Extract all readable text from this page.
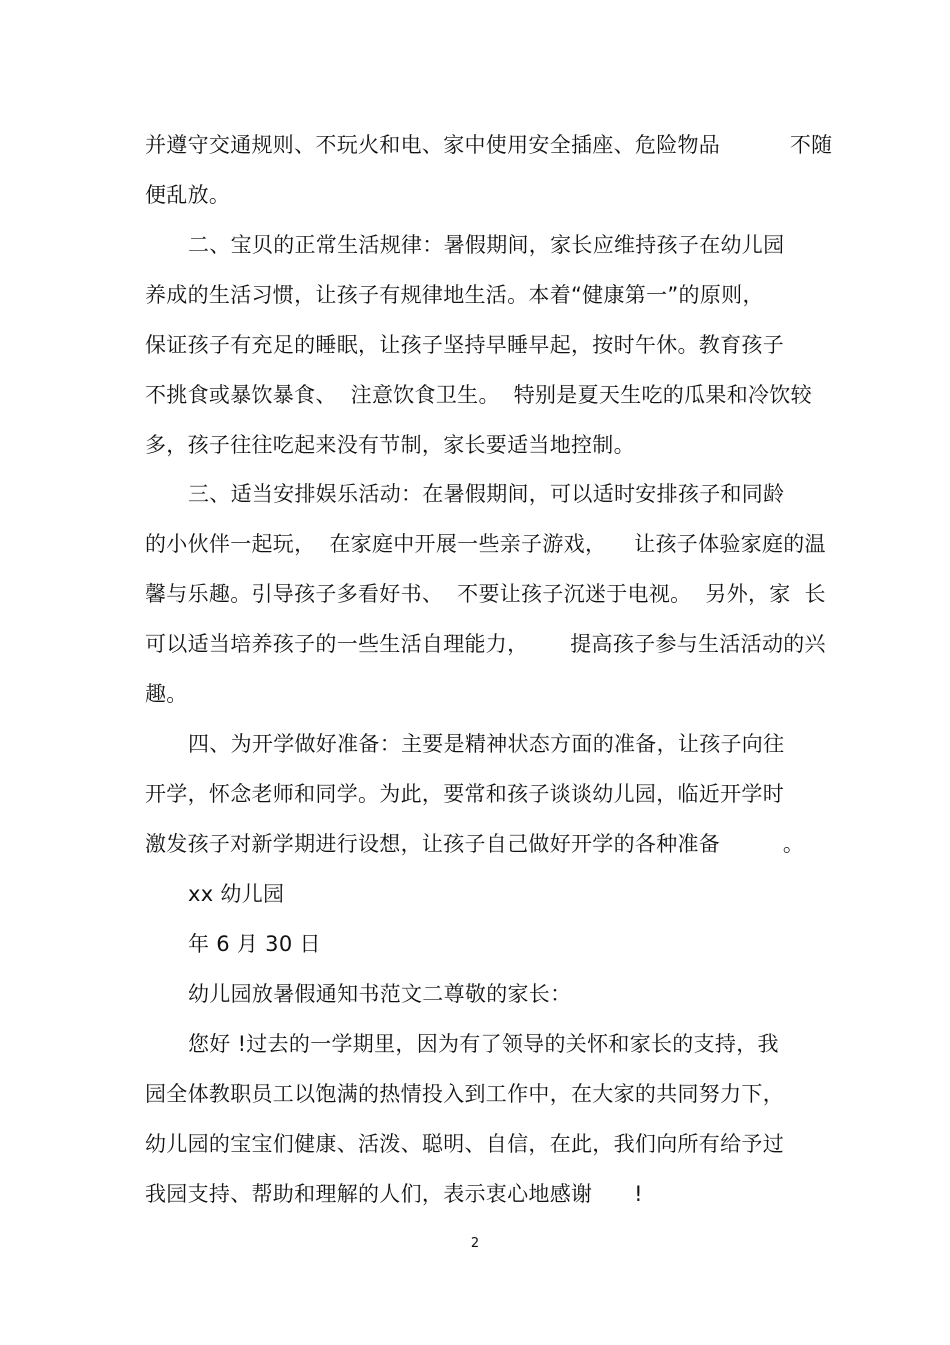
并遵守交通规则、不玩火和电、家中使用安全插座、危险物品          不随
便乱放。
二、宝贝的正常生活规律：暑假期间，家长应维持孩子在幼儿园
养成的生活习惯，让孩子有规律地生活。本着“健康第一”的原则，
保证孩子有充足的睡眠，让孩子坚持早睡早起，按时午休。教育孩子
不挑食或暴饮暴食、  注意饮食卫生。  特别是夏天生吃的瓜果和冷饮较
多，孩子往往吃起来没有节制，家长要适当地控制。
三、适当安排娱乐活动：在暑假期间，可以适时安排孩子和同龄
的小伙伴一起玩，  在家庭中开展一些亲子游戏，    让孩子体验家庭的温
馨与乐趣。引导孩子多看好书、  不要让孩子沉迷于电视。  另外，家  长
可以适当培养孩子的一些生活自理能力，      提高孩子参与生活活动的兴
趣。
四、为开学做好准备：主要是精神状态方面的准备，让孩子向往
开学，怀念老师和同学。为此，要常和孩子谈谈幼儿园，临近开学时
激发孩子对新学期进行设想，让孩子自己做好开学的各种准备         。
xx 幼儿园
年 6 月 30 日
幼儿园放暑假通知书范文二尊敬的家长：
您好 !过去的一学期里，因为有了领导的关怀和家长的支持，我
园全体教职员工以饱满的热情投入到工作中，在大家的共同努力下，
幼儿园的宝宝们健康、活泼、聪明、自信，在此，我们向所有给予过
我园支持、帮助和理解的人们，表示衷心地感谢      !
2
